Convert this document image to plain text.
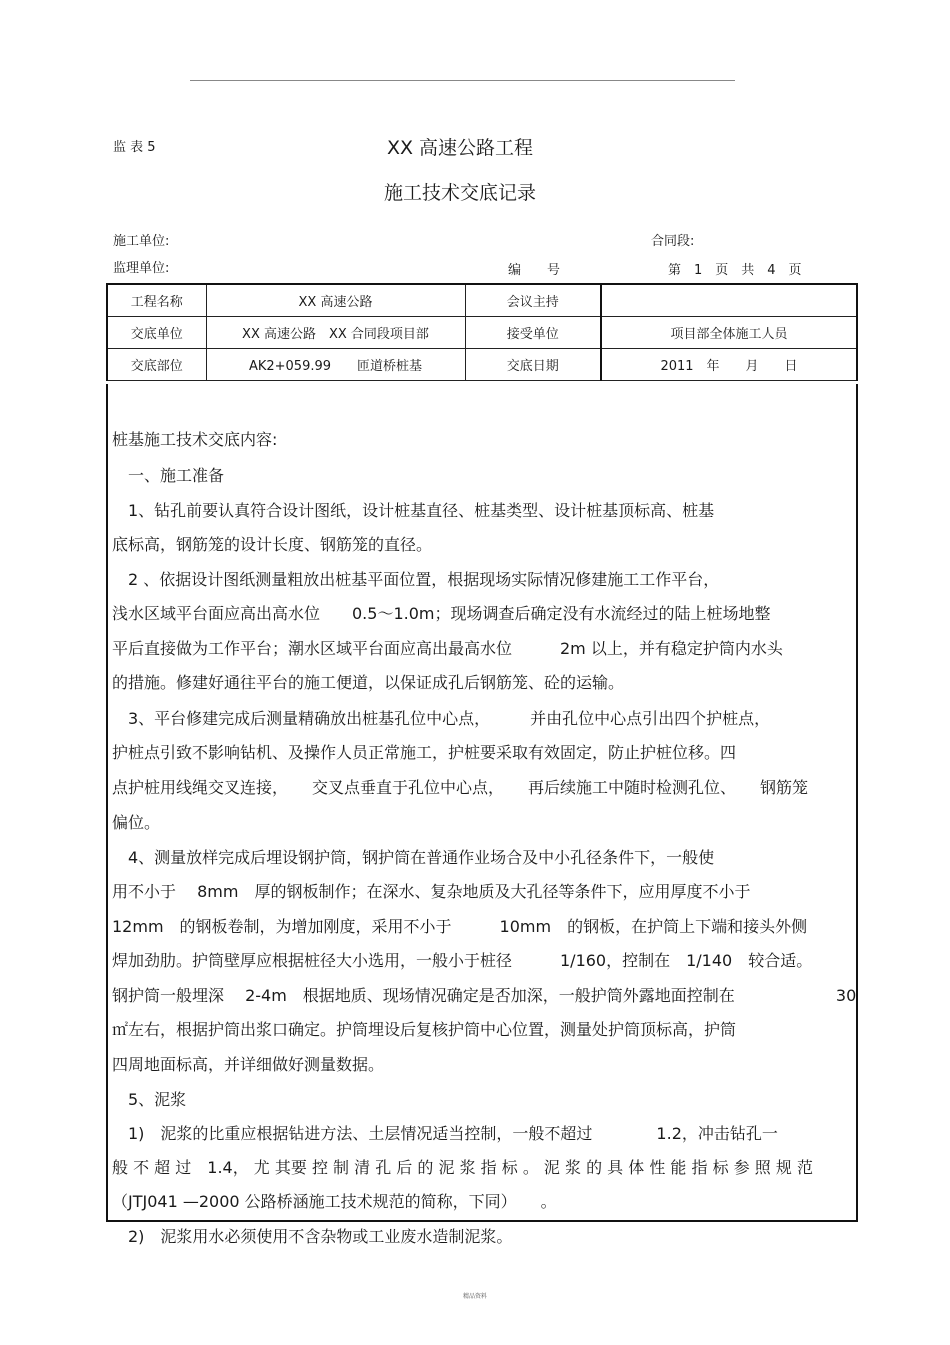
监 表 5	XX 高速公路工程
施工技术交底记录
施工单位:	合同段:
监理单位:	编　　号	第　1　页　共　4　页
工程名称	XX 高速公路	会议主持	
交底单位	XX 高速公路　XX 合同段项目部	接受单位	项目部全体施工人员
交底部位	AK2+059.99　　匝道桥桩基	交底日期	2011　年　　月　　日
桩基施工技术交底内容:
　一、施工准备
　1、钻孔前要认真符合设计图纸，设计桩基直径、桩基类型、设计桩基顶标高、桩基
底标高，钢筋笼的设计长度、钢筋笼的直径。
　2 、依据设计图纸测量粗放出桩基平面位置，根据现场实际情况修建施工工作平台，
浅水区域平台面应高出高水位　　0.5～1.0m；现场调查后确定没有水流经过的陆上桩场地整
平后直接做为工作平台；潮水区域平台面应高出最高水位　　　2m 以上，并有稳定护筒内水头
的措施。修建好通往平台的施工便道，以保证成孔后钢筋笼、砼的运输。
　3、平台修建完成后测量精确放出桩基孔位中心点，　　　并由孔位中心点引出四个护桩点，
护桩点引致不影响钻机、及操作人员正常施工，护桩要采取有效固定，防止护桩位移。四
点护桩用线绳交叉连接，　　交叉点垂直于孔位中心点，　　再后续施工中随时检测孔位、　　钢筋笼
偏位。
　4、测量放样完成后埋设钢护筒，钢护筒在普通作业场合及中小孔径条件下，一般使
用不小于　 8mm　厚的钢板制作；在深水、复杂地质及大孔径等条件下，应用厚度不小于
12mm　的钢板卷制，为增加刚度，采用不小于　　　10mm　的钢板，在护筒上下端和接头外侧
焊加劲肋。护筒壁厚应根据桩径大小选用，一般小于桩径　　　1/160，控制在　1/140　较合适。
钢护筒一般埋深　 2-4m　根据地质、现场情况确定是否加深，一般护筒外露地面控制在　　　　　　 30
㎡左右，根据护筒出浆口确定。护筒埋设后复核护筒中心位置，测量处护筒顶标高，护筒
四周地面标高，并详细做好测量数据。
　5、泥浆
　1)　泥浆的比重应根据钻进方法、土层情况适当控制，一般不超过　　　　1.2，冲击钻孔一
般 不 超 过　1.4， 尤 其要 控 制 清 孔 后 的 泥 浆 指 标 。 泥 浆 的 具 体 性 能 指 标 参 照 规 范
（JTJ041 —2000 公路桥涵施工技术规范的简称，下同）　　。
　2)　泥浆用水必须使用不含杂物或工业废水造制泥浆。
精品资料
